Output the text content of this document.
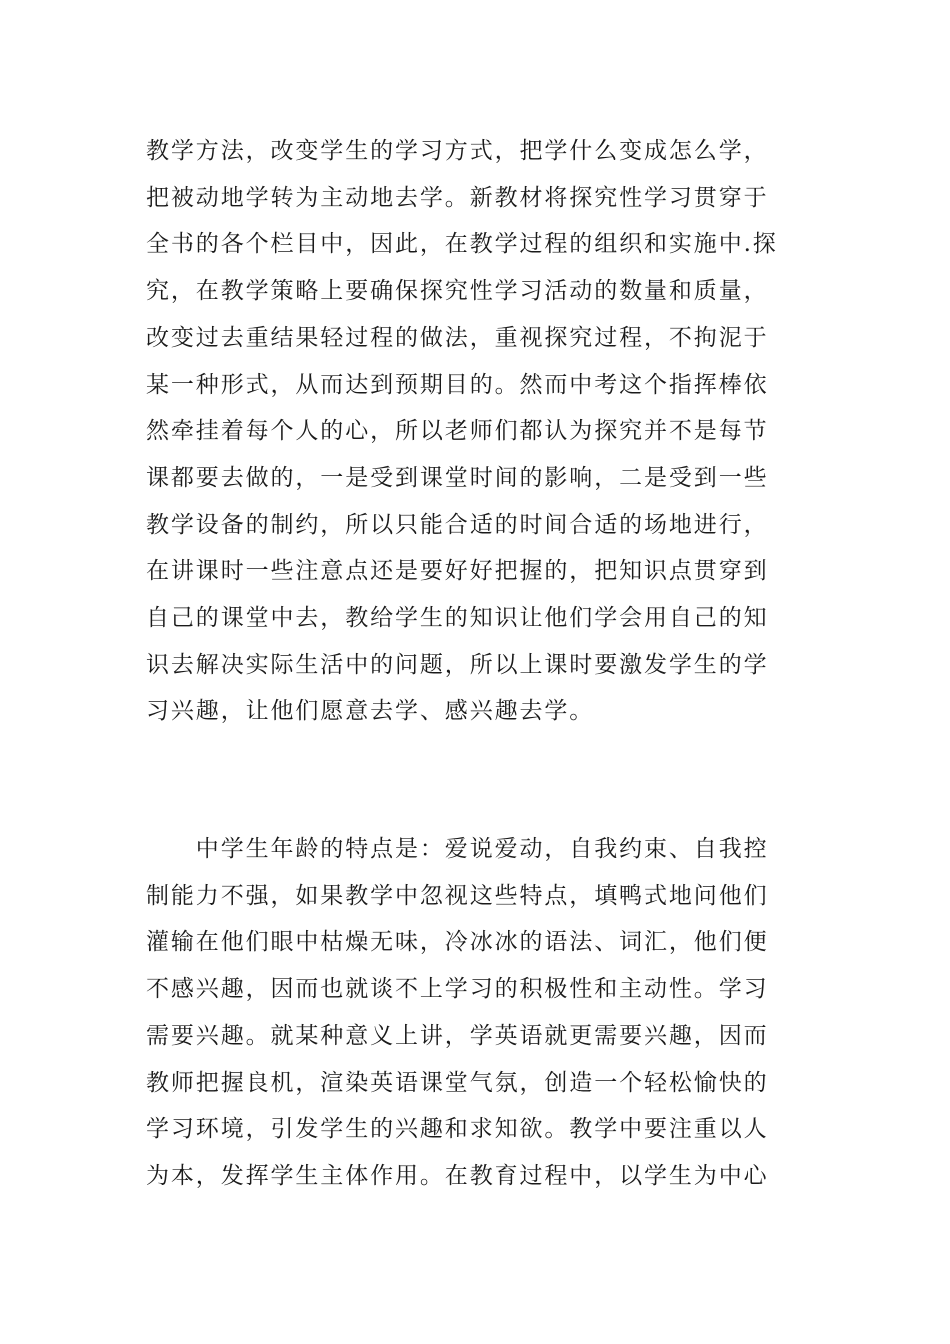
教学方法，改变学生的学习方式，把学什么变成怎么学，
把被动地学转为主动地去学。新教材将探究性学习贯穿于
全书的各个栏目中，因此，在教学过程的组织和实施中.探
究，在教学策略上要确保探究性学习活动的数量和质量，
改变过去重结果轻过程的做法，重视探究过程，不拘泥于
某一种形式，从而达到预期目的。然而中考这个指挥棒依
然牵挂着每个人的心，所以老师们都认为探究并不是每节
课都要去做的，一是受到课堂时间的影响，二是受到一些
教学设备的制约，所以只能合适的时间合适的场地进行，
在讲课时一些注意点还是要好好把握的，把知识点贯穿到
自己的课堂中去，教给学生的知识让他们学会用自己的知
识去解决实际生活中的问题，所以上课时要激发学生的学
习兴趣，让他们愿意去学、感兴趣去学。
　　中学生年龄的特点是：爱说爱动，自我约束、自我控
制能力不强，如果教学中忽视这些特点，填鸭式地问他们
灌输在他们眼中枯燥无味，冷冰冰的语法、词汇，他们便
不感兴趣，因而也就谈不上学习的积极性和主动性。学习
需要兴趣。就某种意义上讲，学英语就更需要兴趣，因而
教师把握良机，渲染英语课堂气氛，创造一个轻松愉快的
学习环境，引发学生的兴趣和求知欲。教学中要注重以人
为本，发挥学生主体作用。在教育过程中，以学生为中心
